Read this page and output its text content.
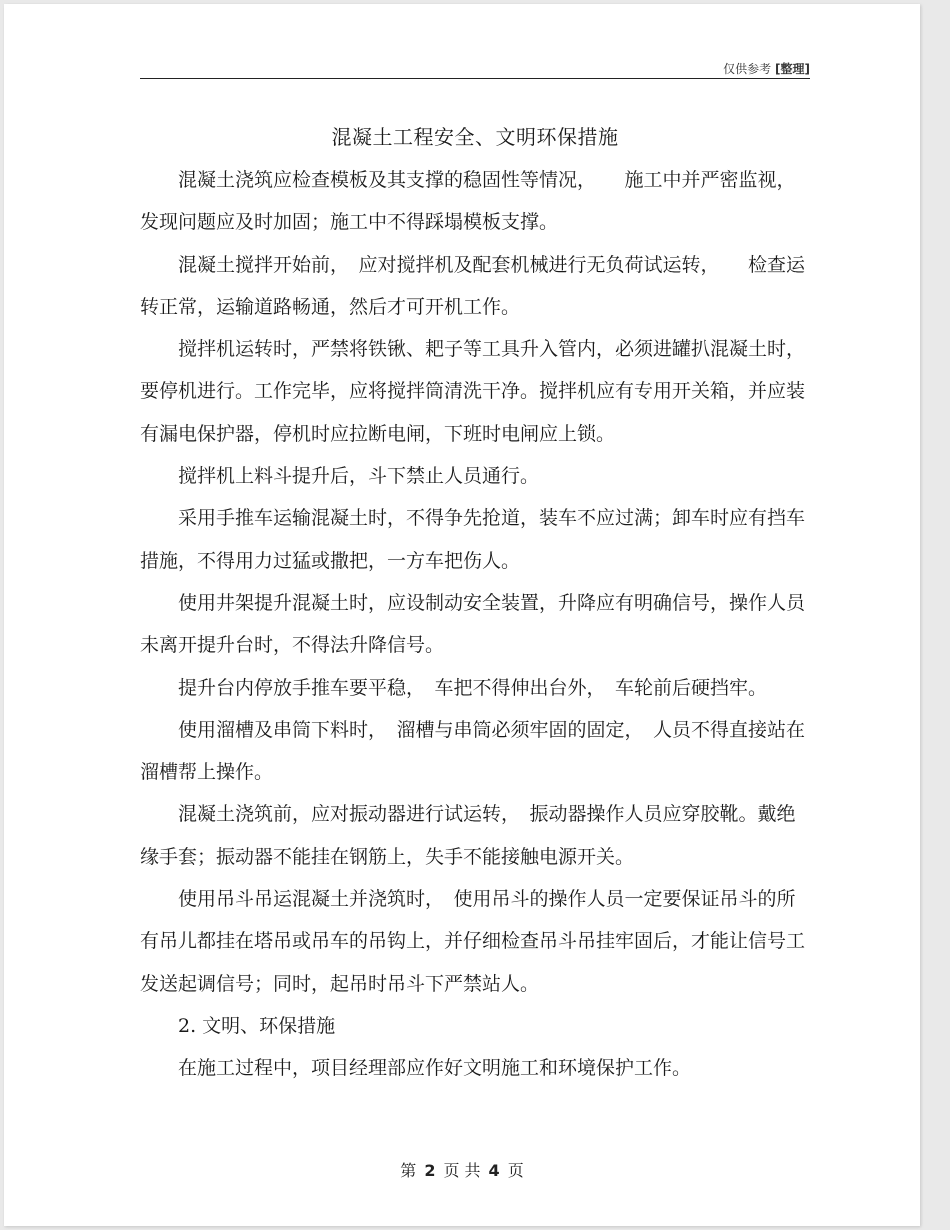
仅供参考 [整理]
混凝土工程安全、文明环保措施

混凝土浇筑应检查模板及其支撑的稳固性等情况，　　施工中并严密监视，发现问题应及时加固；施工中不得踩塌模板支撑。

混凝土搅拌开始前，　应对搅拌机及配套机械进行无负荷试运转，　　检查运转正常，运输道路畅通，然后才可开机工作。

搅拌机运转时，严禁将铁锹、耙子等工具升入管内，必须进罐扒混凝土时，要停机进行。工作完毕，应将搅拌筒清洗干净。搅拌机应有专用开关箱，并应装有漏电保护器，停机时应拉断电闸，下班时电闸应上锁。

搅拌机上料斗提升后，斗下禁止人员通行。

采用手推车运输混凝土时，不得争先抢道，装车不应过满；卸车时应有挡车措施，不得用力过猛或撒把，一方车把伤人。

使用井架提升混凝土时，应设制动安全装置，升降应有明确信号，操作人员未离开提升台时，不得法升降信号。

提升台内停放手推车要平稳，　车把不得伸出台外，　车轮前后硬挡牢。

使用溜槽及串筒下料时，　溜槽与串筒必须牢固的固定，　人员不得直接站在溜槽帮上操作。

混凝土浇筑前，应对振动器进行试运转，　振动器操作人员应穿胶靴。戴绝缘手套；振动器不能挂在钢筋上，失手不能接触电源开关。

使用吊斗吊运混凝土并浇筑时，　使用吊斗的操作人员一定要保证吊斗的所有吊儿都挂在塔吊或吊车的吊钩上，并仔细检查吊斗吊挂牢固后，才能让信号工发送起调信号；同时，起吊时吊斗下严禁站人。

2. 文明、环保措施

在施工过程中，项目经理部应作好文明施工和环境保护工作。

第 2 页 共 4 页
